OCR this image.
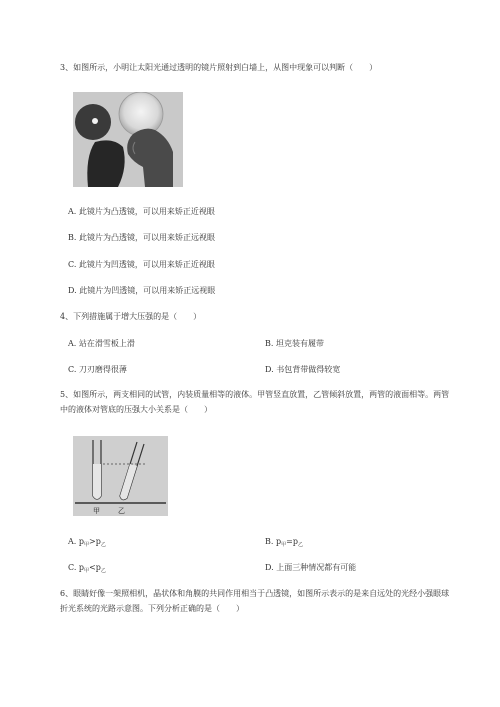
3、如图所示，小明让太阳光通过透明的镜片照射到白墙上，从图中现象可以判断（　　）
A. 此镜片为凸透镜，可以用来矫正近视眼
B. 此镜片为凸透镜，可以用来矫正远视眼
C. 此镜片为凹透镜，可以用来矫正近视眼
D. 此镜片为凹透镜，可以用来矫正远视眼
4、下列措施属于增大压强的是（　　）
A. 站在滑雪板上滑	B. 坦克装有履带
C. 刀刃磨得很薄	D. 书包背带做得较宽
5、如图所示，两支相同的试管，内装质量相等的液体。甲管竖直放置，乙管倾斜放置，两管的液面相等。两管中的液体对管底的压强大小关系是（　　）
甲	乙
A. $p_甲>p_乙$	B. $p_甲=p_乙$
C. $p_甲<p_乙$	D. 上面三种情况都有可能
6、眼睛好像一架照相机，晶状体和角膜的共同作用相当于凸透镜，如图所示表示的是来自远处的光经小强眼球折光系统的光路示意图。下列分析正确的是（　　）
